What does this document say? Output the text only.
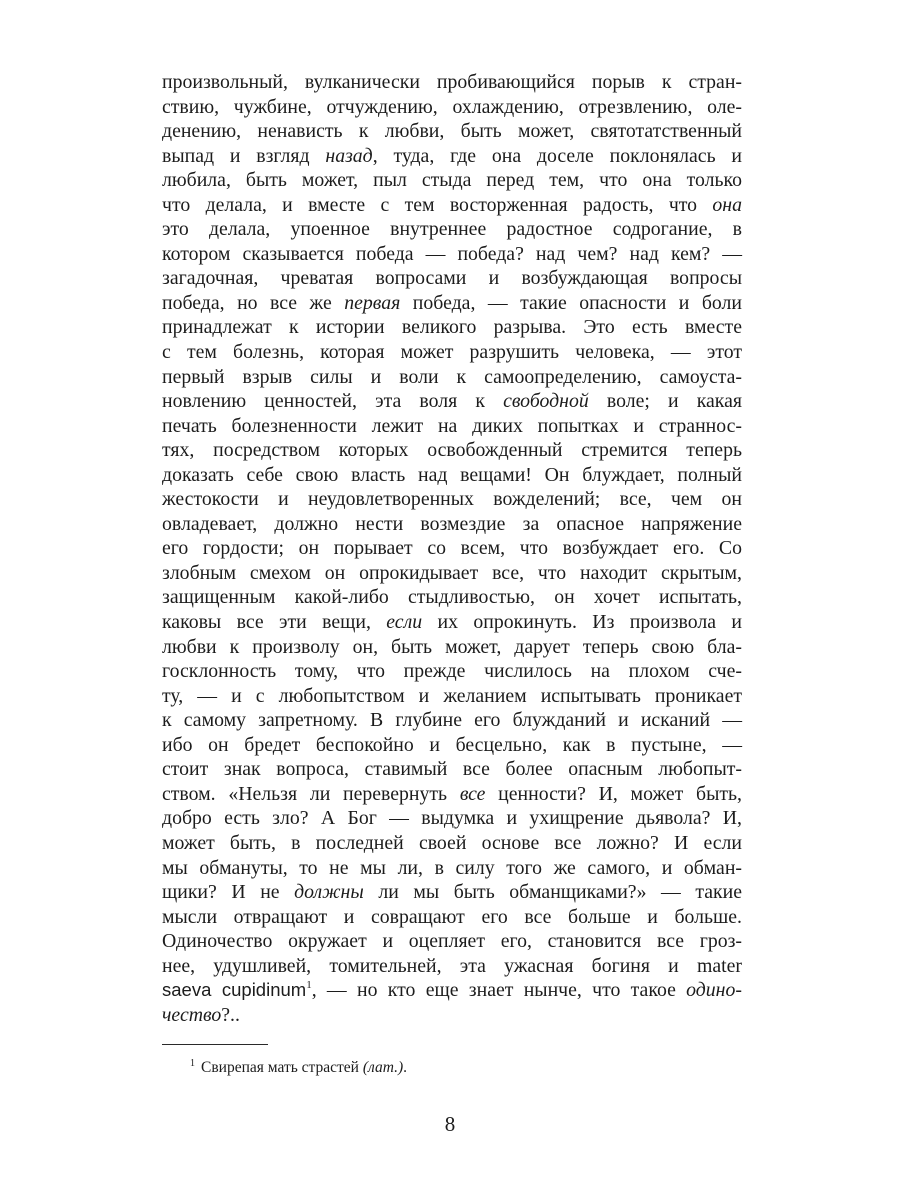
произвольный, вулканически пробивающийся порыв к стран-
ствию, чужбине, отчуждению, охлаждению, отрезвлению, оле-
денению, ненависть к любви, быть может, святотатственный
выпад и взгляд назад, туда, где она доселе поклонялась и
любила, быть может, пыл стыда перед тем, что она только
что делала, и вместе с тем восторженная радость, что она
это делала, упоенное внутреннее радостное содрогание, в
котором сказывается победа — победа? над чем? над кем? —
загадочная, чреватая вопросами и возбуждающая вопросы
победа, но все же первая победа, — такие опасности и боли
принадлежат к истории великого разрыва. Это есть вместе
с тем болезнь, которая может разрушить человека, — этот
первый взрыв силы и воли к самоопределению, самоуста-
новлению ценностей, эта воля к свободной воле; и какая
печать болезненности лежит на диких попытках и страннос-
тях, посредством которых освобожденный стремится теперь
доказать себе свою власть над вещами! Он блуждает, полный
жестокости и неудовлетворенных вожделений; все, чем он
овладевает, должно нести возмездие за опасное напряжение
его гордости; он порывает со всем, что возбуждает его. Со
злобным смехом он опрокидывает все, что находит скрытым,
защищенным какой-либо стыдливостью, он хочет испытать,
каковы все эти вещи, если их опрокинуть. Из произвола и
любви к произволу он, быть может, дарует теперь свою бла-
госклонность тому, что прежде числилось на плохом сче-
ту, — и с любопытством и желанием испытывать проникает
к самому запретному. В глубине его блужданий и исканий —
ибо он бредет беспокойно и бесцельно, как в пустыне, —
стоит знак вопроса, ставимый все более опасным любопыт-
ством. «Нельзя ли перевернуть все ценности? И, может быть,
добро есть зло? А Бог — выдумка и ухищрение дьявола? И,
может быть, в последней своей основе все ложно? И если
мы обмануты, то не мы ли, в силу того же самого, и обман-
щики? И не должны ли мы быть обманщиками?» — такие
мысли отвращают и совращают его все больше и больше.
Одиночество окружает и оцепляет его, становится все гроз-
нее, удушливей, томительней, эта ужасная богиня и mater
saeva cupidinum$^1$, — но кто еще знает нынче, что такое одино-
чество?..
$^1$ Свирепая мать страстей (лат.).
8
